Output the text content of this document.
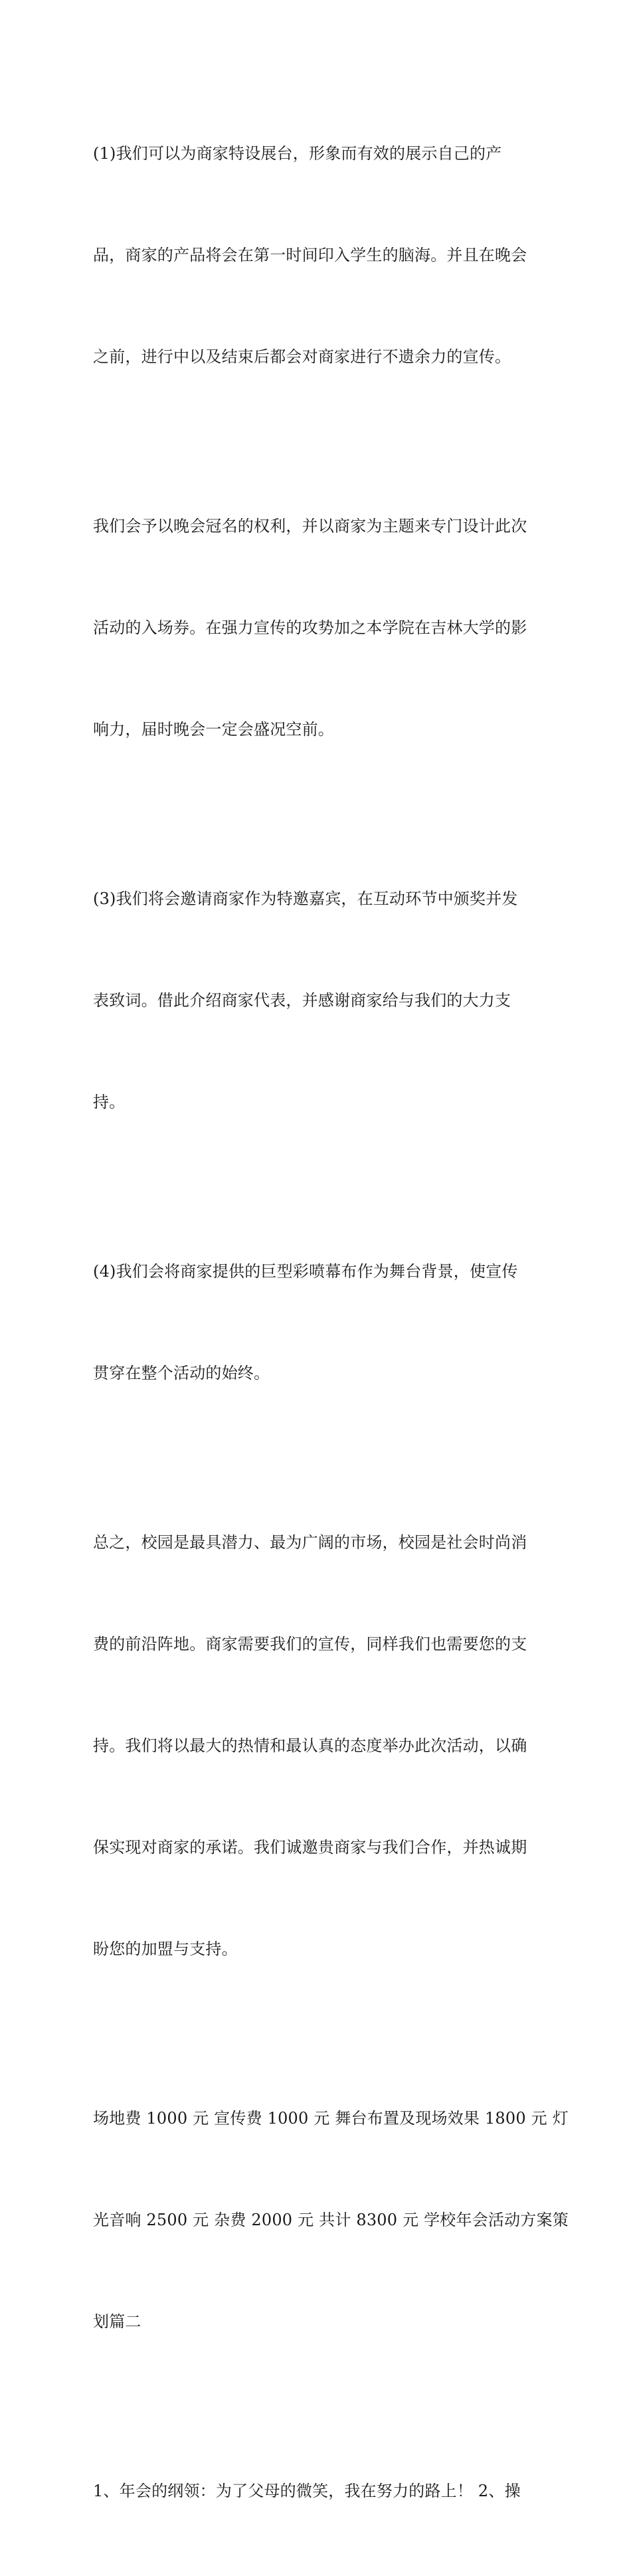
(1)我们可以为商家特设展台，形象而有效的展示自己的产

品，商家的产品将会在第一时间印入学生的脑海。并且在晚会

之前，进行中以及结束后都会对商家进行不遗余力的宣传。

我们会予以晚会冠名的权利，并以商家为主题来专门设计此次

活动的入场券。在强力宣传的攻势加之本学院在吉林大学的影

响力，届时晚会一定会盛况空前。

(3)我们将会邀请商家作为特邀嘉宾，在互动环节中颁奖并发

表致词。借此介绍商家代表，并感谢商家给与我们的大力支

持。

(4)我们会将商家提供的巨型彩喷幕布作为舞台背景，使宣传

贯穿在整个活动的始终。

总之，校园是最具潜力、最为广阔的市场，校园是社会时尚消

费的前沿阵地。商家需要我们的宣传，同样我们也需要您的支

持。我们将以最大的热情和最认真的态度举办此次活动，以确

保实现对商家的承诺。我们诚邀贵商家与我们合作，并热诚期

盼您的加盟与支持。

场地费 1000 元 宣传费 1000 元 舞台布置及现场效果 1800 元 灯

光音响 2500 元 杂费 2000 元 共计 8300 元 学校年会活动方案策

划篇二

1、年会的纲领：为了父母的微笑，我在努力的路上！ 2、操
